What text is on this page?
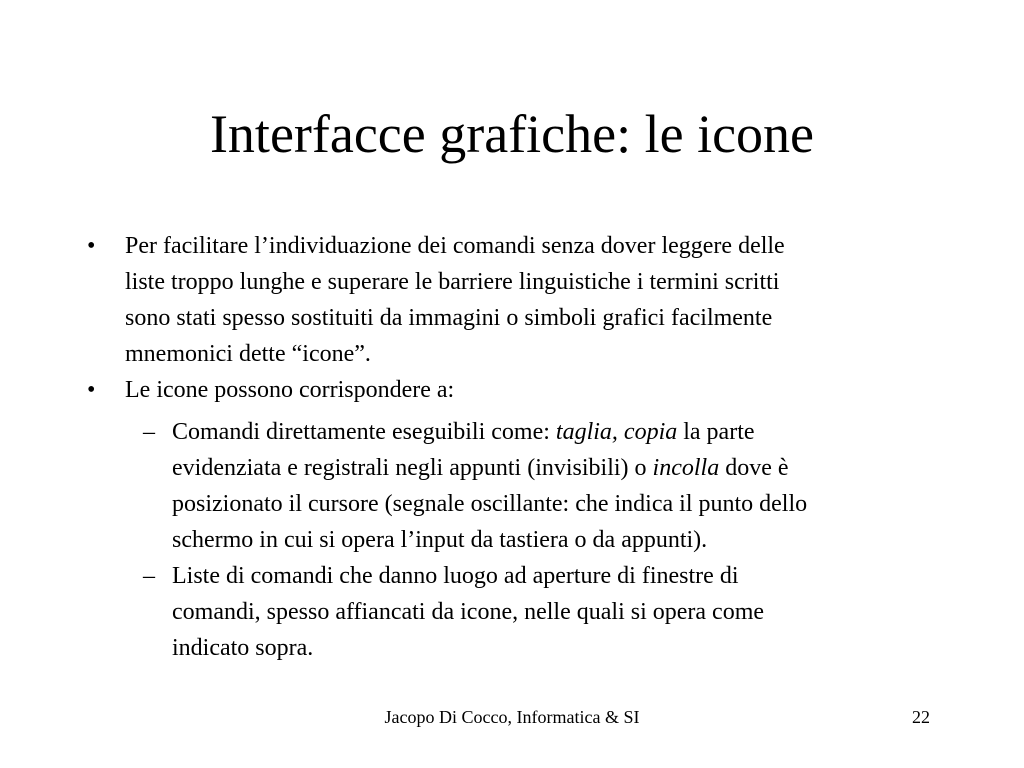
Interfacce grafiche: le icone
• Per facilitare l’individuazione dei comandi senza dover leggere delle
liste troppo lunghe e superare le barriere linguistiche i termini scritti
sono stati spesso sostituiti da immagini o simboli grafici facilmente
mnemonici dette “icone”.
• Le icone possono corrispondere a:
– Comandi direttamente eseguibili come: taglia, copia la parte
evidenziata e registrali negli appunti (invisibili) o incolla dove è
posizionato il cursore (segnale oscillante: che indica il punto dello
schermo in cui si opera l’input da tastiera o da appunti).
– Liste di comandi che danno luogo ad aperture di finestre di
comandi, spesso affiancati da icone, nelle quali si opera come
indicato sopra.
Jacopo Di Cocco, Informatica & SI	22
